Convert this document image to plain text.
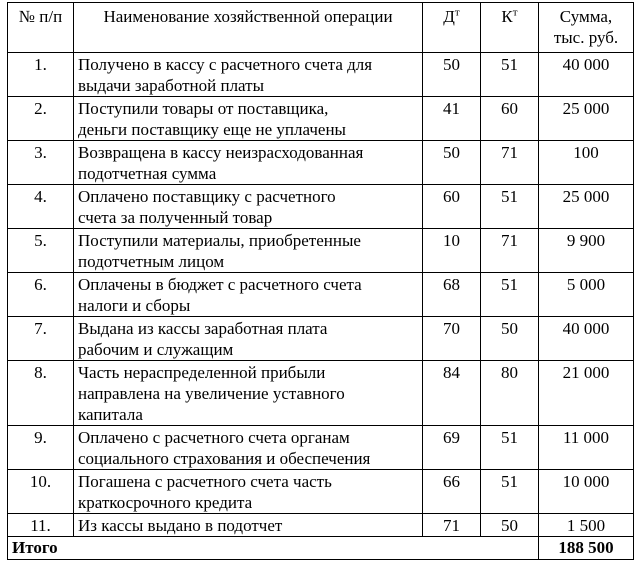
№ п/п	Наименование хозяйственной операции	$Д^т$	$К^т$	Сумма,
тыс. руб.

1.	Получено в кассу с расчетного счета для
выдачи заработной платы	50	51	40 000
2.	Поступили товары от поставщика,
деньги поставщику еще не уплачены	41	60	25 000
3.	Возвращена в кассу неизрасходованная
подотчетная сумма	50	71	100
4.	Оплачено поставщику с расчетного
счета за полученный товар	60	51	25 000
5.	Поступили материалы, приобретенные
подотчетным лицом	10	71	9 900
6.	Оплачены в бюджет с расчетного счета
налоги и сборы	68	51	5 000
7.	Выдана из кассы заработная плата
рабочим и служащим	70	50	40 000
8.	Часть нераспределенной прибыли
направлена на увеличение уставного
капитала	84	80	21 000
9.	Оплачено с расчетного счета органам
социального страхования и обеспечения	69	51	11 000
10.	Погашена с расчетного счета часть
краткосрочного кредита	66	51	10 000
11.	Из кассы выдано в подотчет	71	50	1 500
Итого				188 500
